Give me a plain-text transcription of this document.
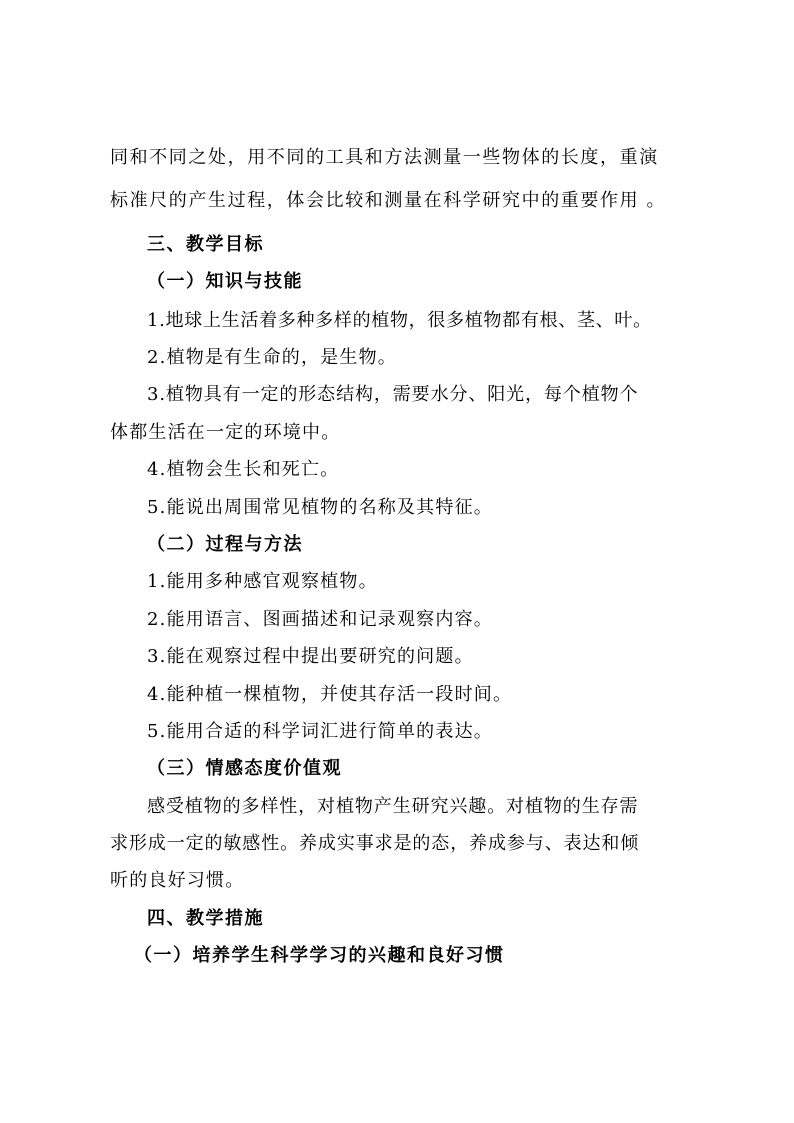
同和不同之处，用不同的工具和方法测量一些物体的长度，重演

标准尺的产生过程，体会比较和测量在科学研究中的重要作用 。

三、教学目标

（一）知识与技能

1.地球上生活着多种多样的植物，很多植物都有根、茎、叶。

2.植物是有生命的，是生物。

3.植物具有一定的形态结构，需要水分、阳光，每个植物个

体都生活在一定的环境中。

4.植物会生长和死亡。

5.能说出周围常见植物的名称及其特征。

（二）过程与方法

1.能用多种感官观察植物。

2.能用语言、图画描述和记录观察内容。

3.能在观察过程中提出要研究的问题。

4.能种植一棵植物，并使其存活一段时间。

5.能用合适的科学词汇进行简单的表达。

（三）情感态度价值观

感受植物的多样性，对植物产生研究兴趣。对植物的生存需

求形成一定的敏感性。养成实事求是的态，养成参与、表达和倾

听的良好习惯。

四、教学措施

（一）培养学生科学学习的兴趣和良好习惯
